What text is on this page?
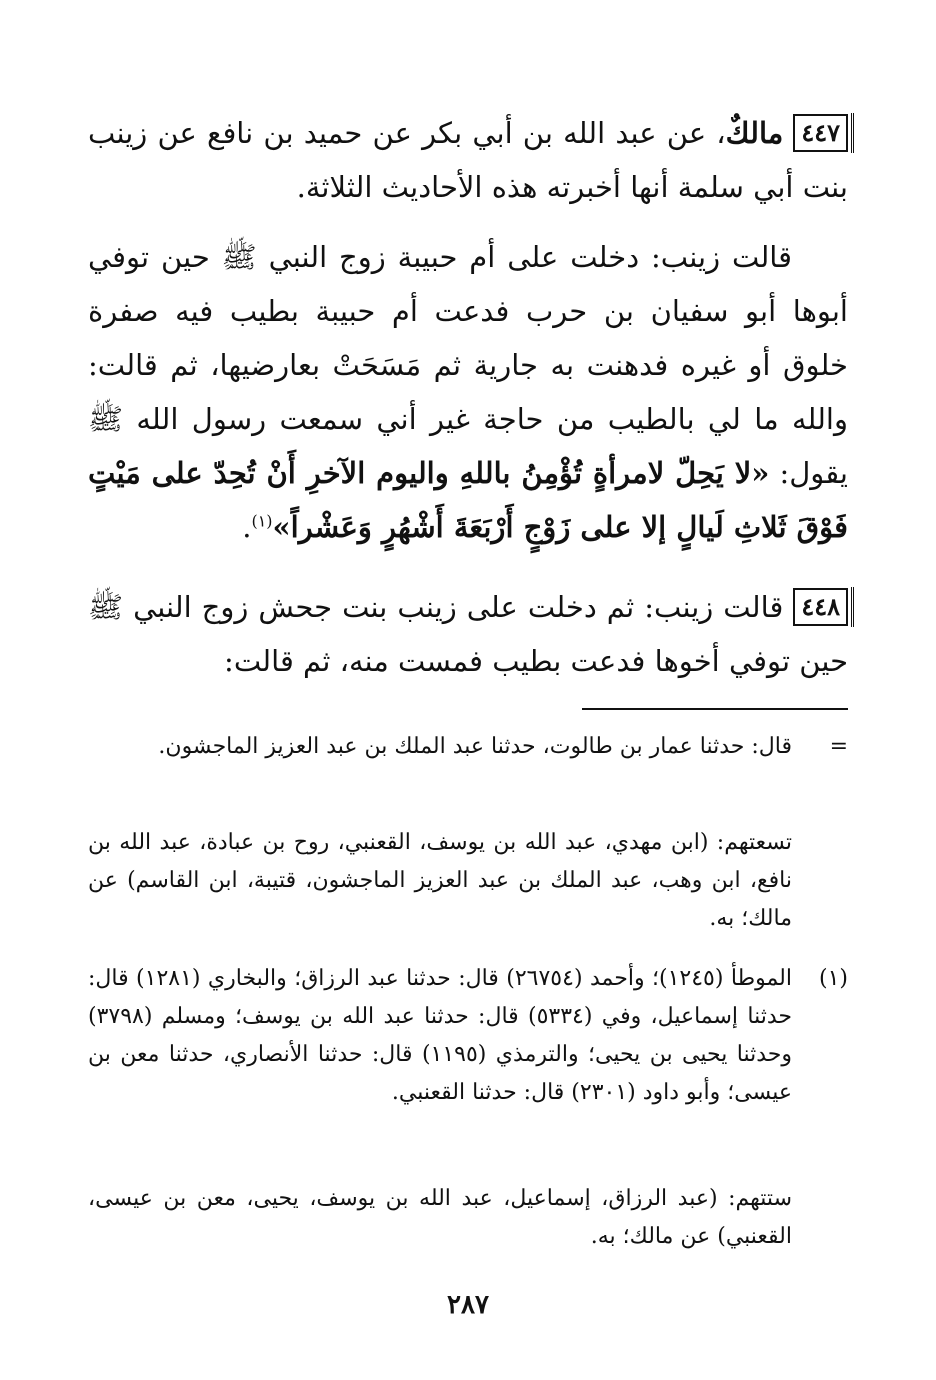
٤٤٧مالكٌ، عن عبد الله بن أبي بكر عن حميد بن نافع عن زينب بنت أبي سلمة أنها أخبرته هذه الأحاديث الثلاثة.

قالت زينب: دخلت على أم حبيبة زوج النبي ﷺ حين توفي أبوها أبو سفيان بن حرب فدعت أم حبيبة بطيب فيه صفرة خلوق أو غيره فدهنت به جارية ثم مَسَحَتْ بعارضيها، ثم قالت: والله ما لي بالطيب من حاجة غير أني سمعت رسول الله ﷺ يقول: «لا يَحِلّ لامرأةٍ تُؤْمِنُ باللهِ واليوم الآخرِ أَنْ تُحِدّ على مَيْتٍ فَوْقَ ثَلاثِ لَيالٍ إلا على زَوْجٍ أَرْبَعَةَ أَشْهُرٍ وَعَشْراً»$^{(١)}$.

٤٤٨قالت زينب: ثم دخلت على زينب بنت جحش زوج النبي ﷺ حين توفي أخوها فدعت بطيب فمست منه، ثم قالت:

=
قال: حدثنا عمار بن طالوت، حدثنا عبد الملك بن عبد العزيز الماجشون.
تسعتهم: (ابن مهدي، عبد الله بن يوسف، القعنبي، روح بن عبادة، عبد الله بن نافع، ابن وهب، عبد الملك بن عبد العزيز الماجشون، قتيبة، ابن القاسم) عن مالك؛ به.
(١)
الموطأ (١٢٤٥)؛ وأحمد (٢٦٧٥٤) قال: حدثنا عبد الرزاق؛ والبخاري (١٢٨١) قال: حدثنا إسماعيل، وفي (٥٣٣٤) قال: حدثنا عبد الله بن يوسف؛ ومسلم (٣٧٩٨) وحدثنا يحيى بن يحيى؛ والترمذي (١١٩٥) قال: حدثنا الأنصاري، حدثنا معن بن عيسى؛ وأبو داود (٢٣٠١) قال: حدثنا القعنبي.
ستتهم: (عبد الرزاق، إسماعيل، عبد الله بن يوسف، يحيى، معن بن عيسى، القعنبي) عن مالك؛ به.
٢٨٧
